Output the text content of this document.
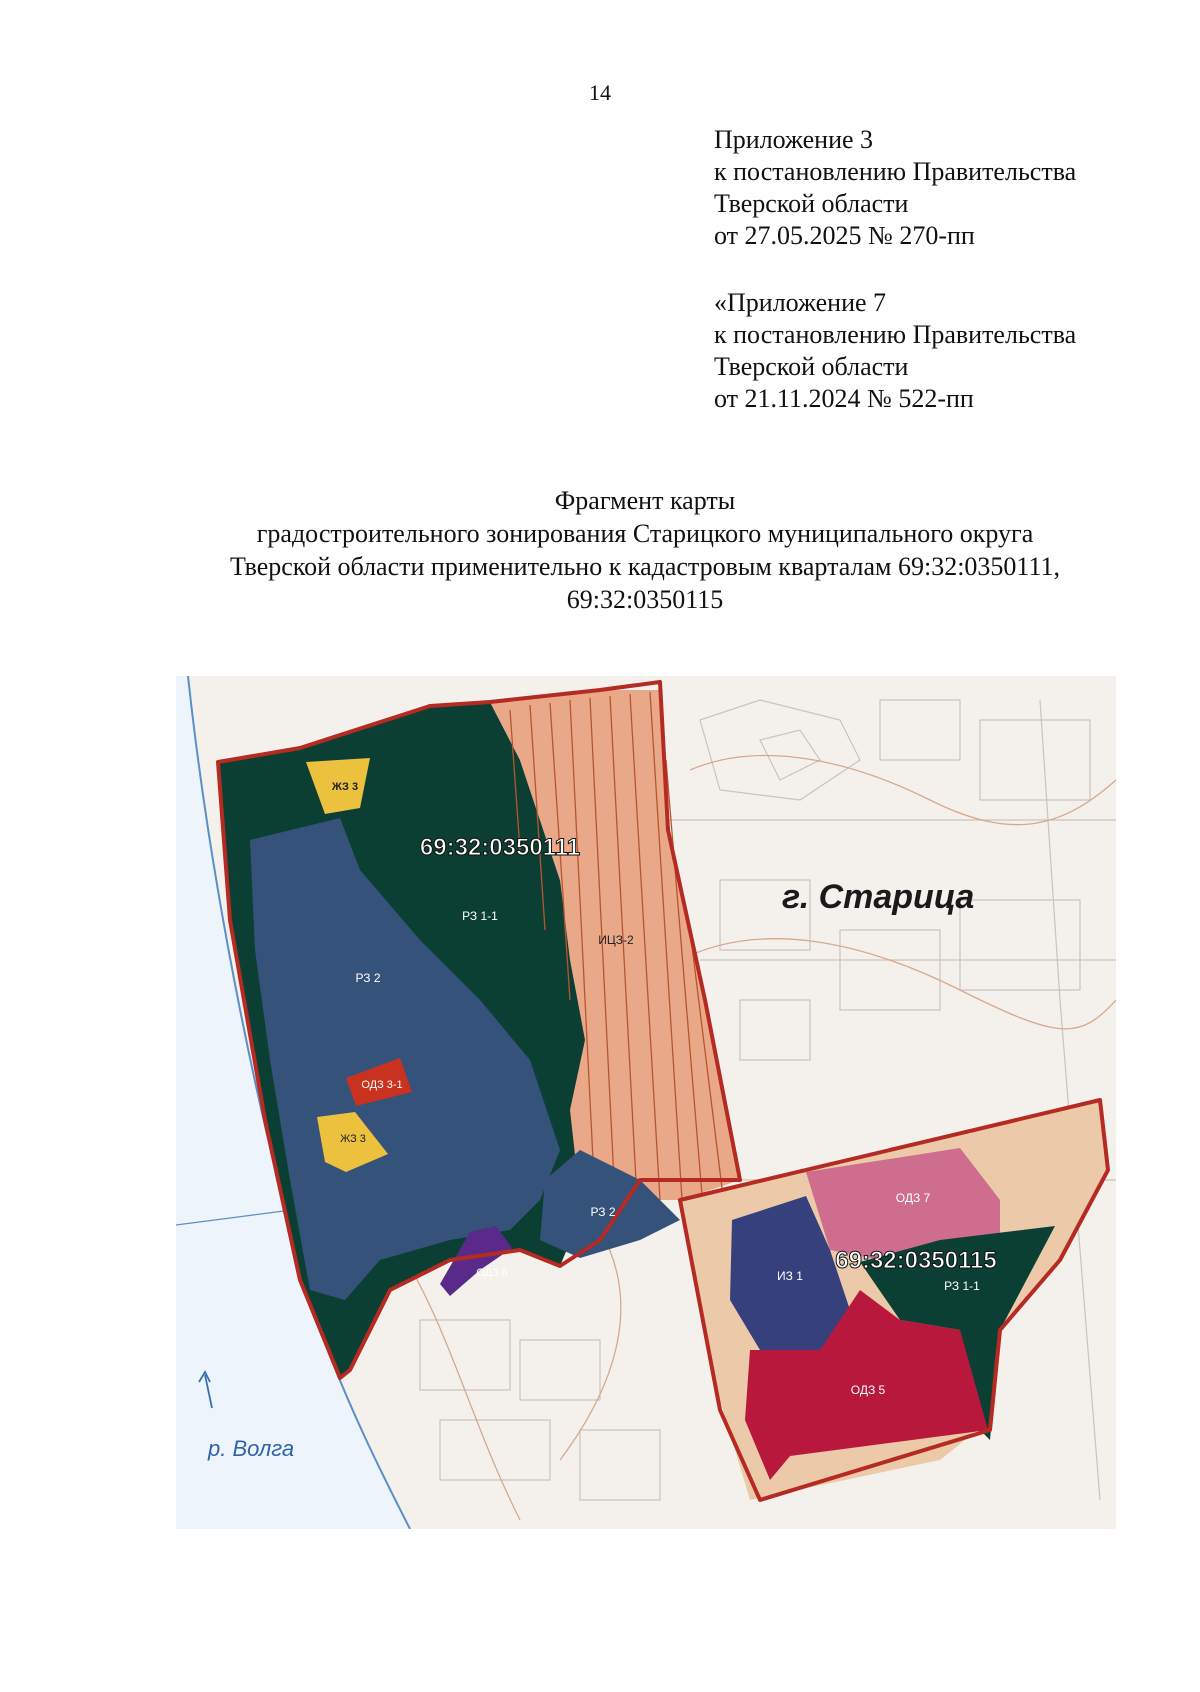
14
Приложение 3
к постановлению Правительства
Тверской области
от 27.05.2025 № 270-пп
«Приложение 7
к постановлению Правительства
Тверской области
от 21.11.2024 № 522-пп
Фрагмент карты
градостроительного зонирования Старицкого муниципального округа
Тверской области применительно к кадастровым кварталам 69:32:0350111,
69:32:0350115
69:32:0350111
69:32:0350115
г. Старица
р. Волга
ЖЗ 3
РЗ 1-1
ИЦЗ-2
РЗ 2
ОДЗ 3-1
ЖЗ 3
РЗ 2
ОДЗ 6
ОДЗ 7
ИЗ 1
РЗ 1-1
ОДЗ 5
